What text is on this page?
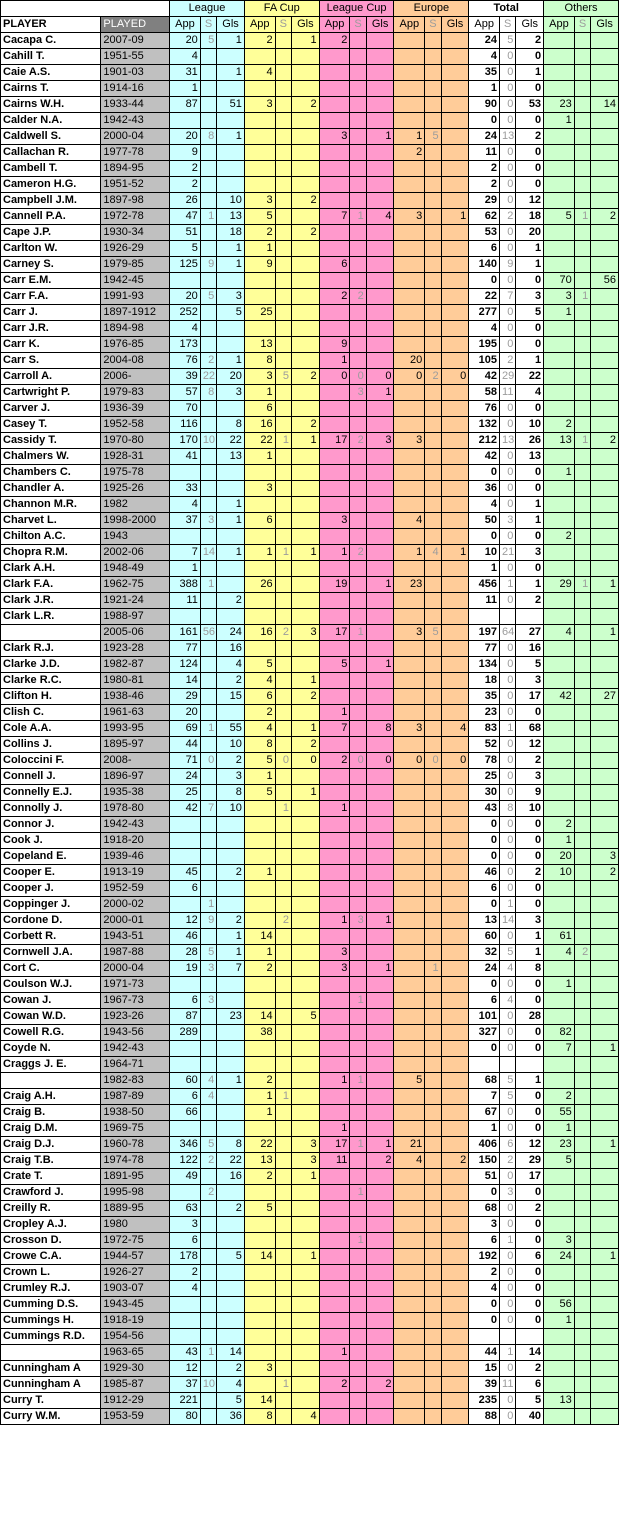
		League			FA Cup			League Cup			Europe			Total			Others		
PLAYER	PLAYED	App	S	Gls	App	S	Gls	App	S	Gls	App	S	Gls	App	S	Gls	App	S	Gls
Cacapa C.	2007-09	20	5	1	2		1	2						24	5	2			
Cahill T.	1951-55	4												4	0	0			
Caie A.S.	1901-03	31		1	4									35	0	1			
Cairns T.	1914-16	1												1	0	0			
Cairns W.H.	1933-44	87		51	3		2							90	0	53	23		14
Calder N.A.	1942-43													0	0	0	1		
Caldwell S.	2000-04	20	8	1				3		1	1	5		24	13	2			
Callachan R.	1977-78	9									2			11	0	0			
Cambell T.	1894-95	2												2	0	0			
Cameron H.G.	1951-52	2												2	0	0			
Campbell J.M.	1897-98	26		10	3		2							29	0	12			
Cannell P.A.	1972-78	47	1	13	5			7	1	4	3		1	62	2	18	5	1	2
Cape J.P.	1930-34	51		18	2		2							53	0	20			
Carlton W.	1926-29	5		1	1									6	0	1			
Carney S.	1979-85	125	9	1	9			6						140	9	1			
Carr E.M.	1942-45													0	0	0	70		56
Carr F.A.	1991-93	20	5	3				2	2					22	7	3	3	1	
Carr J.	1897-1912	252		5	25									277	0	5	1		
Carr J.R.	1894-98	4												4	0	0			
Carr K.	1976-85	173			13			9						195	0	0			
Carr S.	2004-08	76	2	1	8			1			20			105	2	1			
Carroll A.	2006-	39	22	20	3	5	2	0	0	0	0	2	0	42	29	22			
Cartwright P.	1979-83	57	8	3	1				3	1				58	11	4			
Carver J.	1936-39	70			6									76	0	0			
Casey T.	1952-58	116		8	16		2							132	0	10	2		
Cassidy T.	1970-80	170	10	22	22	1	1	17	2	3	3			212	13	26	13	1	2
Chalmers W.	1928-31	41		13	1									42	0	13			
Chambers C.	1975-78													0	0	0	1		
Chandler A.	1925-26	33			3									36	0	0			
Channon M.R.	1982	4		1										4	0	1			
Charvet L.	1998-2000	37	3	1	6			3			4			50	3	1			
Chilton A.C.	1943													0	0	0	2		
Chopra R.M.	2002-06	7	14	1	1	1	1	1	2		1	4	1	10	21	3			
Clark A.H.	1948-49	1												1	0	0			
Clark F.A.	1962-75	388	1		26			19		1	23			456	1	1	29	1	1
Clark J.R.	1921-24	11		2										11	0	2			
Clark L.R.	1988-97																		
	2005-06	161	56	24	16	2	3	17	1		3	5		197	64	27	4		1
Clark R.J.	1923-28	77		16										77	0	16			
Clarke J.D.	1982-87	124		4	5			5		1				134	0	5			
Clarke R.C.	1980-81	14		2	4		1							18	0	3			
Clifton H.	1938-46	29		15	6		2							35	0	17	42		27
Clish C.	1961-63	20			2			1						23	0	0			
Cole A.A.	1993-95	69	1	55	4		1	7		8	3		4	83	1	68			
Collins J.	1895-97	44		10	8		2							52	0	12			
Coloccini F.	2008-	71	0	2	5	0	0	2	0	0	0	0	0	78	0	2			
Connell J.	1896-97	24		3	1									25	0	3			
Connelly E.J.	1935-38	25		8	5		1							30	0	9			
Connolly J.	1978-80	42	7	10		1		1						43	8	10			
Connor J.	1942-43													0	0	0	2		
Cook J.	1918-20													0	0	0	1		
Copeland E.	1939-46													0	0	0	20		3
Cooper E.	1913-19	45		2	1									46	0	2	10		2
Cooper J.	1952-59	6												6	0	0			
Coppinger J.	2000-02		1											0	1	0			
Cordone D.	2000-01	12	9	2		2		1	3	1				13	14	3			
Corbett R.	1943-51	46		1	14									60	0	1	61		
Cornwell J.A.	1987-88	28	5	1	1			3						32	5	1	4	2	
Cort C.	2000-04	19	3	7	2			3		1		1		24	4	8			
Coulson W.J.	1971-73													0	0	0	1		
Cowan J.	1967-73	6	3						1					6	4	0			
Cowan W.D.	1923-26	87		23	14		5							101	0	28			
Cowell R.G.	1943-56	289			38									327	0	0	82		
Coyde N.	1942-43													0	0	0	7		1
Craggs J. E.	1964-71																		
	1982-83	60	4	1	2			1	1		5			68	5	1			
Craig A.H.	1987-89	6	4		1	1								7	5	0	2		
Craig B.	1938-50	66			1									67	0	0	55		
Craig D.M.	1969-75							1						1	0	0	1		
Craig D.J.	1960-78	346	5	8	22		3	17	1	1	21			406	6	12	23		1
Craig T.B.	1974-78	122	2	22	13		3	11		2	4		2	150	2	29	5		
Crate T.	1891-95	49		16	2		1							51	0	17			
Crawford J.	1995-98		2						1					0	3	0			
Creilly R.	1889-95	63		2	5									68	0	2			
Cropley A.J.	1980	3												3	0	0			
Crosson D.	1972-75	6							1					6	1	0	3		
Crowe C.A.	1944-57	178		5	14		1							192	0	6	24		1
Crown L.	1926-27	2												2	0	0			
Crumley R.J.	1903-07	4												4	0	0			
Cumming D.S.	1943-45													0	0	0	56		
Cummings H.	1918-19													0	0	0	1		
Cummings R.D.	1954-56																		
	1963-65	43	1	14				1						44	1	14			
Cunningham A	1929-30	12		2	3									15	0	2			
Cunningham A	1985-87	37	10	4		1		2		2				39	11	6			
Curry T.	1912-29	221		5	14									235	0	5	13		
Curry W.M.	1953-59	80		36	8		4							88	0	40			
